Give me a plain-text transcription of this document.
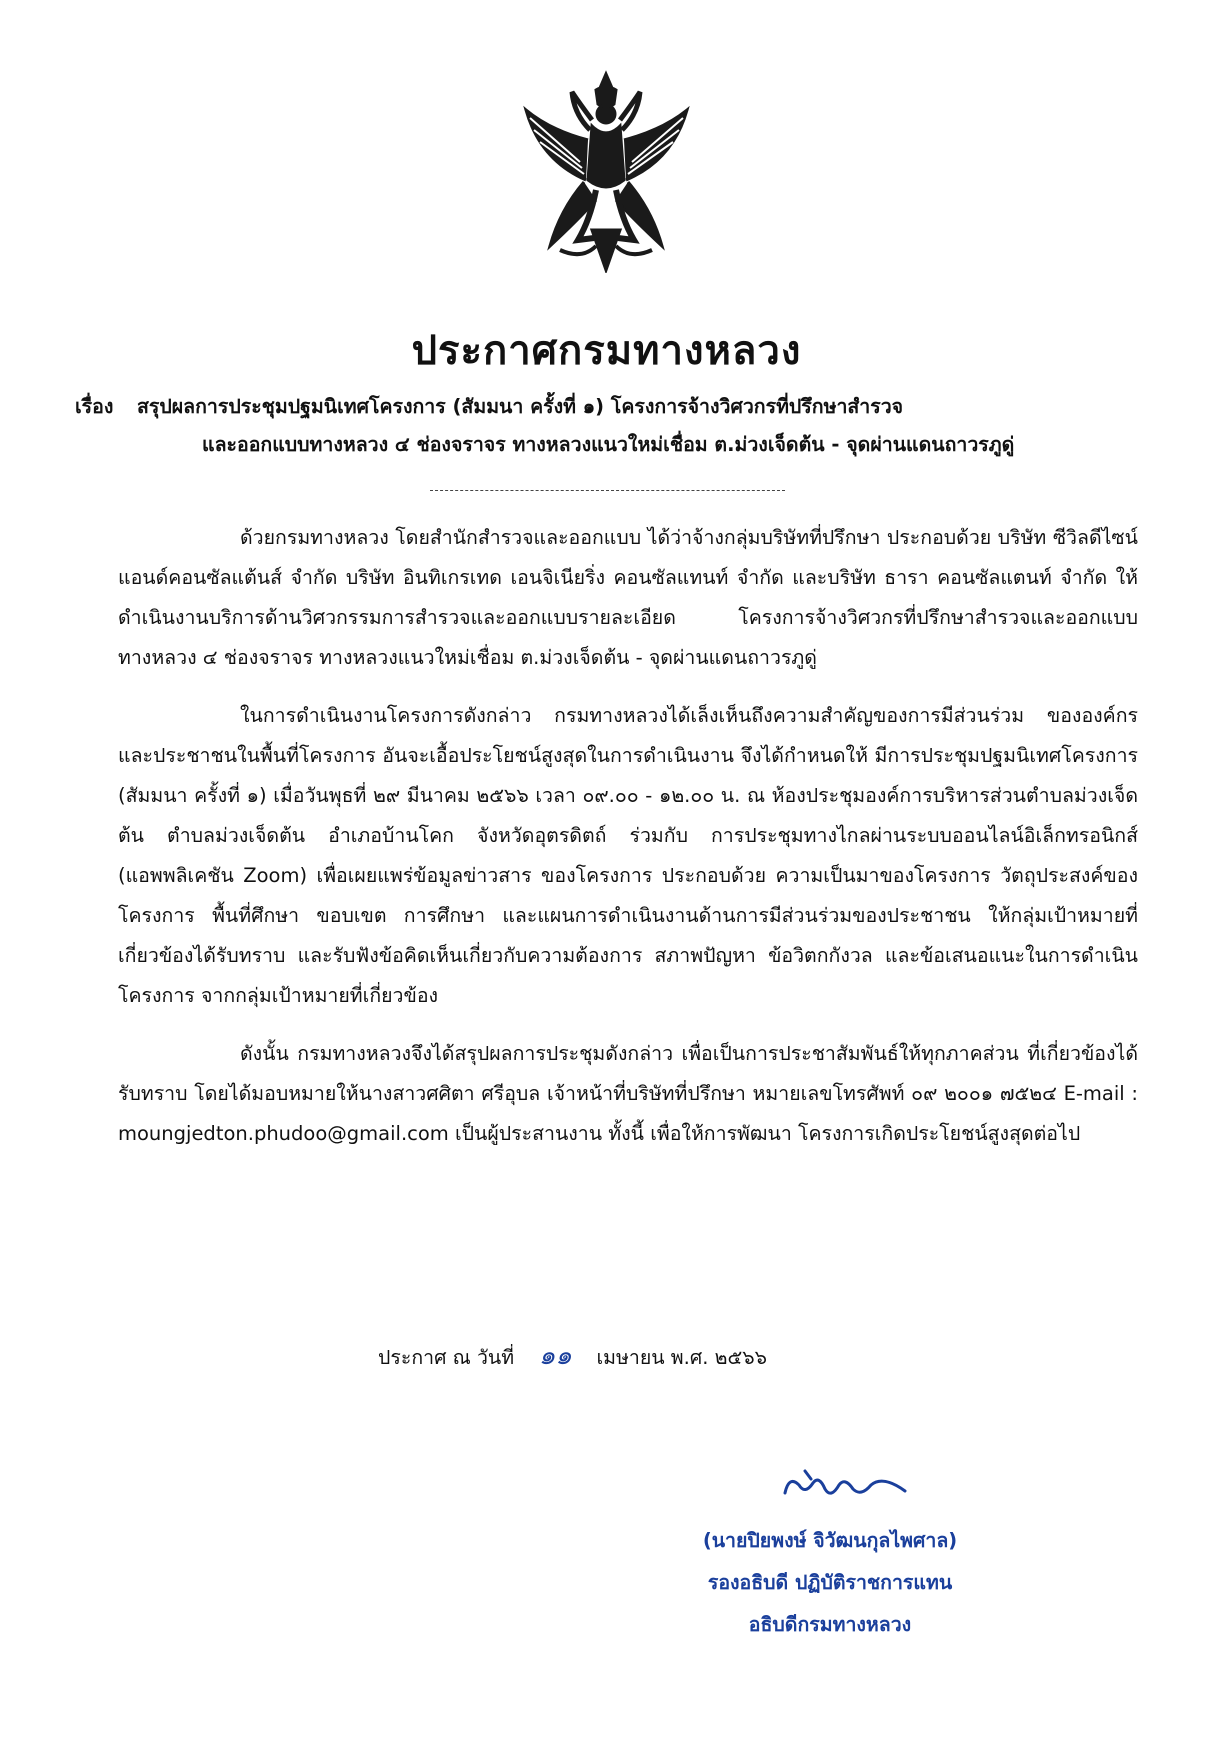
ประกาศกรมทางหลวง
เรื่อง สรุปผลการประชุมปฐมนิเทศโครงการ (สัมมนา ครั้งที่ ๑) โครงการจ้างวิศวกรที่ปรึกษาสำรวจ
และออกแบบทางหลวง ๔ ช่องจราจร ทางหลวงแนวใหม่เชื่อม ต.ม่วงเจ็ดต้น - จุดผ่านแดนถาวรภูดู่

ด้วยกรมทางหลวง โดยสำนักสำรวจและออกแบบ ได้ว่าจ้างกลุ่มบริษัทที่ปรึกษา ประกอบด้วย บริษัท ซีวิลดีไซน์แอนด์คอนซัลแต้นส์ จำกัด บริษัท อินทิเกรเทด เอนจิเนียริ่ง คอนซัลแทนท์ จำกัด และบริษัท ธารา คอนซัลแตนท์ จำกัด ให้ดำเนินงานบริการด้านวิศวกรรมการสำรวจและออกแบบรายละเอียด โครงการจ้างวิศวกรที่ปรึกษาสำรวจและออกแบบทางหลวง ๔ ช่องจราจร ทางหลวงแนวใหม่เชื่อม ต.ม่วงเจ็ดต้น - จุดผ่านแดนถาวรภูดู่

ในการดำเนินงานโครงการดังกล่าว กรมทางหลวงได้เล็งเห็นถึงความสำคัญของการมีส่วนร่วม ขององค์กร และประชาชนในพื้นที่โครงการ อันจะเอื้อประโยชน์สูงสุดในการดำเนินงาน จึงได้กำหนดให้ มีการประชุมปฐมนิเทศโครงการ (สัมมนา ครั้งที่ ๑) เมื่อวันพุธที่ ๒๙ มีนาคม ๒๕๖๖ เวลา ๐๙.๐๐ - ๑๒.๐๐ น. ณ ห้องประชุมองค์การบริหารส่วนตำบลม่วงเจ็ดต้น ตำบลม่วงเจ็ดต้น อำเภอบ้านโคก จังหวัดอุตรดิตถ์ ร่วมกับ การประชุมทางไกลผ่านระบบออนไลน์อิเล็กทรอนิกส์ (แอพพลิเคชัน Zoom) เพื่อเผยแพร่ข้อมูลข่าวสาร ของโครงการ ประกอบด้วย ความเป็นมาของโครงการ วัตถุประสงค์ของโครงการ พื้นที่ศึกษา ขอบเขต การศึกษา และแผนการดำเนินงานด้านการมีส่วนร่วมของประชาชน ให้กลุ่มเป้าหมายที่เกี่ยวข้องได้รับทราบ และรับฟังข้อคิดเห็นเกี่ยวกับความต้องการ สภาพปัญหา ข้อวิตกกังวล และข้อเสนอแนะในการดำเนินโครงการ จากกลุ่มเป้าหมายที่เกี่ยวข้อง

ดังนั้น กรมทางหลวงจึงได้สรุปผลการประชุมดังกล่าว เพื่อเป็นการประชาสัมพันธ์ให้ทุกภาคส่วน ที่เกี่ยวข้องได้รับทราบ โดยได้มอบหมายให้นางสาวศศิตา ศรีอุบล เจ้าหน้าที่บริษัทที่ปรึกษา หมายเลขโทรศัพท์ ๐๙ ๒๐๐๑ ๗๕๒๔ E-mail : moungjedton.phudoo@gmail.com เป็นผู้ประสานงาน ทั้งนี้ เพื่อให้การพัฒนา โครงการเกิดประโยชน์สูงสุดต่อไป

ประกาศ ณ วันที่ ๑๑ เมษายน พ.ศ. ๒๕๖๖
(นายปิยพงษ์ จิวัฒนกุลไพศาล)
รองอธิบดี ปฏิบัติราชการแทน
อธิบดีกรมทางหลวง
